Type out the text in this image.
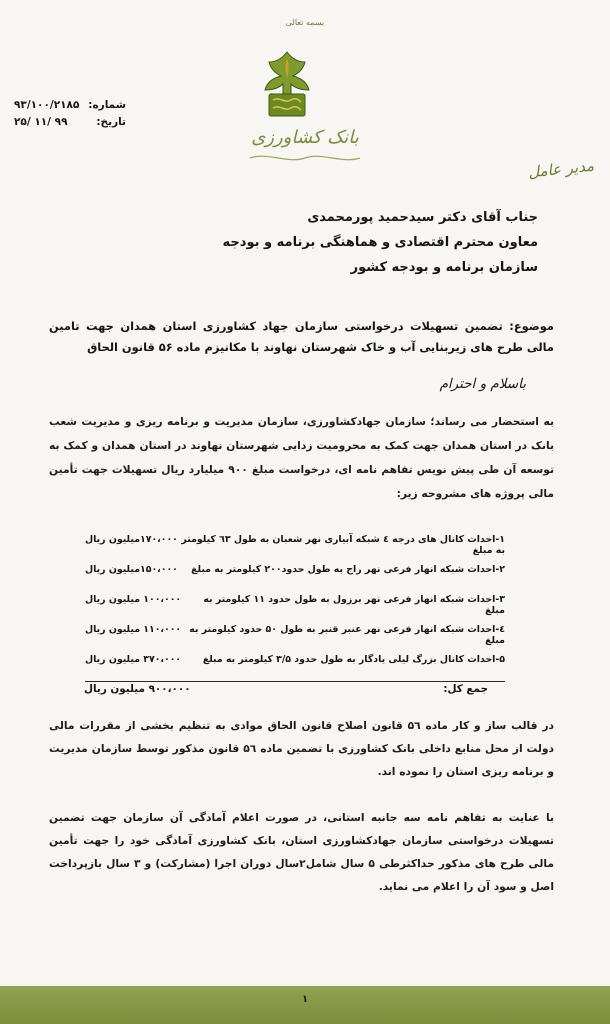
بسمه تعالی
بانک کشاورزی
شماره:
۹۳/۱۰۰/۲۱۸۵
تاریخ:
۹۹ /۱۱ /۲۵
مدیر عامل
جناب آقای دکتر سیدحمید پورمحمدی
معاون محترم اقتصادی و هماهنگی برنامه و بودجه
سازمان برنامه و بودجه کشور
موضوع: تضمین تسهیلات درخواستی سازمان جهاد کشاورزی استان همدان جهت تامین مالی طرح های زیربنایی آب و خاک شهرستان نهاوند با مکانیزم ماده ۵۶ قانون الحاق
باسلام و احترام
به استحضار می رساند؛ سازمان جهادکشاورزی، سازمان مدیریت و برنامه ریزی و مدیریت شعب بانک در استان همدان جهت کمک به محرومیت زدایی شهرستان نهاوند در استان همدان و کمک به توسعه آن طی پیش نویس تفاهم نامه ای، درخواست مبلغ ۹۰۰ میلیارد ریال تسهیلات جهت تأمین مالی پروژه های مشروحه زیر:
۱-احداث کانال های درجه ٤ شبکه آبیاری نهر شعبان به طول ٦۳ کیلومتر به مبلغ
۱۷۰،۰۰۰میلیون ریال
۲-احداث شبکه انهار فرعی نهر راج به طول حدود۲۰۰ کیلومتر به مبلغ
۱۵۰،۰۰۰میلیون ریال
۳-احداث شبکه انهار فرعی نهر برزول به طول حدود ۱۱ کیلومتر به مبلغ
۱۰۰،۰۰۰ میلیون ریال
٤-احداث شبکه انهار فرعی نهر عنبر قنبر به طول ۵۰ حدود کیلومتر به مبلغ
۱۱۰،۰۰۰ میلیون ریال
۵-احداث کانال بزرگ لیلی یادگار به طول حدود ۳/۵ کیلومتر به مبلغ
۳۷۰،۰۰۰ میلیون ریال
جمع کل:
۹۰۰،۰۰۰ میلیون ریال
در قالب ساز و کار ماده ۵٦ قانون اصلاح قانون الحاق موادی به تنظیم بخشی از مقررات مالی دولت از محل منابع داخلی بانک کشاورزی با تضمین ماده ۵٦ قانون مذکور توسط سازمان مدیریت و برنامه ریزی استان را نموده اند.
با عنایت به تفاهم نامه سه جانبه استانی، در صورت اعلام آمادگی آن سازمان جهت تضمین تسهیلات درخواستی سازمان جهادکشاورزی استان، بانک کشاورزی آمادگی خود را جهت تأمین مالی طرح های مذکور حداکثرطی ۵ سال شامل۲سال دوران اجرا (مشارکت) و ۳ سال بازپرداخت اصل و سود آن را اعلام می نماید.
۱
